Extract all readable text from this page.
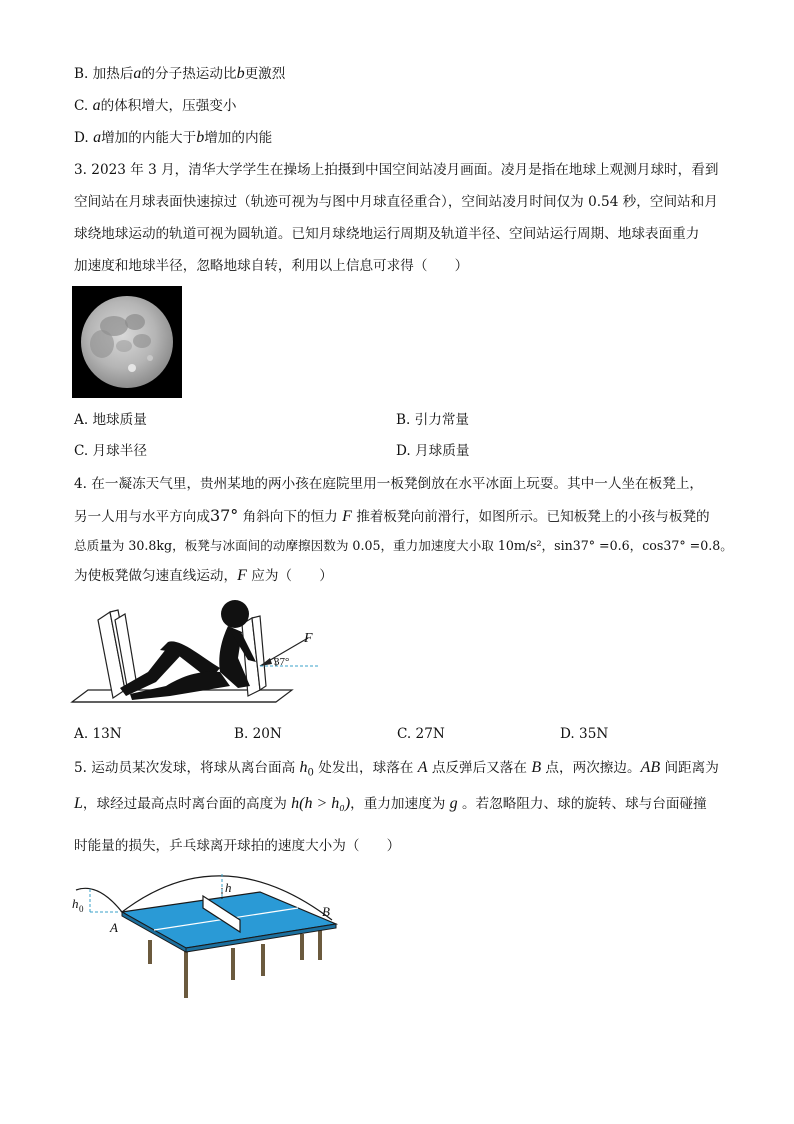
B. 加热后a的分子热运动比b更激烈
C. a的体积增大，压强变小
D. a增加的内能大于b增加的内能
3. 2023 年 3 月，清华大学学生在操场上拍摄到中国空间站凌月画面。凌月是指在地球上观测月球时，看到
空间站在月球表面快速掠过（轨迹可视为与图中月球直径重合），空间站凌月时间仅为 0.54 秒，空间站和月
球绕地球运动的轨道可视为圆轨道。已知月球绕地运行周期及轨道半径、空间站运行周期、地球表面重力
加速度和地球半径，忽略地球自转，利用以上信息可求得（　　）
A. 地球质量	B. 引力常量
C. 月球半径	D. 月球质量
4. 在一凝冻天气里，贵州某地的两小孩在庭院里用一板凳倒放在水平冰面上玩耍。其中一人坐在板凳上，
另一人用与水平方向成37° 角斜向下的恒力 F 推着板凳向前滑行，如图所示。已知板凳上的小孩与板凳的
总质量为 30.8kg，板凳与冰面间的动摩擦因数为 0.05，重力加速度大小取 10m/s²，sin37° =0.6，cos37° =0.8。
为使板凳做匀速直线运动，F 应为（　　）
F
37°
A. 13N	B. 20N	C. 27N	D. 35N
5. 运动员某次发球，将球从离台面高 $h_0$ 处发出，球落在 A 点反弹后又落在 B 点，两次擦边。AB 间距离为
L，球经过最高点时离台面的高度为 h(h > h₀)，重力加速度为 g 。若忽略阻力、球的旋转、球与台面碰撞
时能量的损失，乒乓球离开球拍的速度大小为（　　）
h
h 0
A
B
